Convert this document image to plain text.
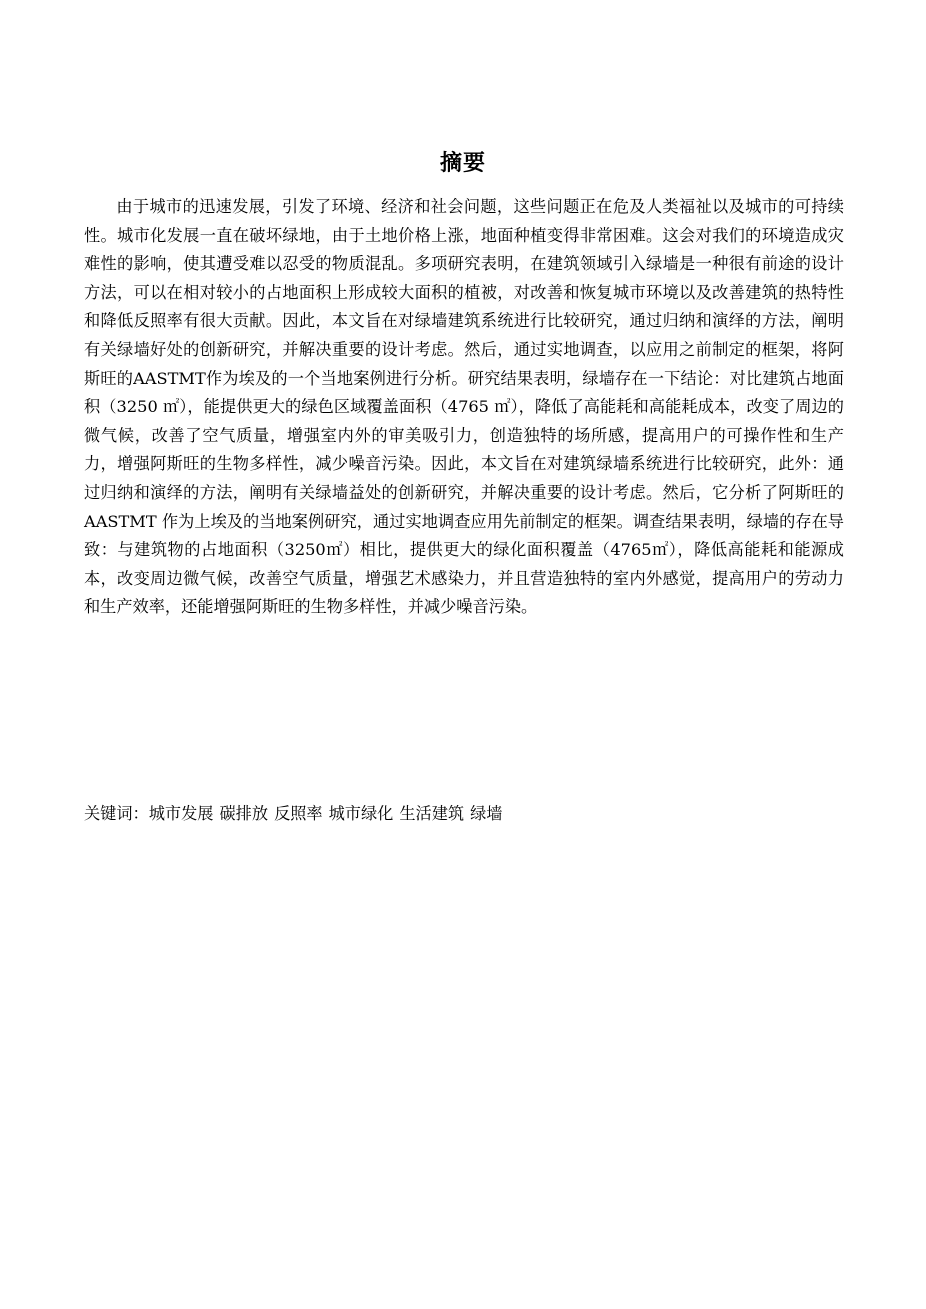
摘要

由于城市的迅速发展，引发了环境、经济和社会问题，这些问题正在危及人类福祉以及城市的可持续性。城市化发展一直在破坏绿地，由于土地价格上涨，地面种植变得非常困难。这会对我们的环境造成灾难性的影响，使其遭受难以忍受的物质混乱。多项研究表明，在建筑领域引入绿墙是一种很有前途的设计方法，可以在相对较小的占地面积上形成较大面积的植被，对改善和恢复城市环境以及改善建筑的热特性和降低反照率有很大贡献。因此，本文旨在对绿墙建筑系统进行比较研究，通过归纳和演绎的方法，阐明有关绿墙好处的创新研究，并解决重要的设计考虑。然后，通过实地调查，以应用之前制定的框架，将阿斯旺的AASTMT作为埃及的一个当地案例进行分析。研究结果表明，绿墙存在一下结论：对比建筑占地面积（3250 ㎡），能提供更大的绿色区域覆盖面积（4765 ㎡），降低了高能耗和高能耗成本，改变了周边的微气候，改善了空气质量，增强室内外的审美吸引力，创造独特的场所感，提高用户的可操作性和生产力，增强阿斯旺的生物多样性，减少噪音污染。因此，本文旨在对建筑绿墙系统进行比较研究，此外：通过归纳和演绎的方法，阐明有关绿墙益处的创新研究，并解决重要的设计考虑。然后，它分析了阿斯旺的 AASTMT 作为上埃及的当地案例研究，通过实地调查应用先前制定的框架。调查结果表明，绿墙的存在导致：与建筑物的占地面积（3250㎡）相比，提供更大的绿化面积覆盖（4765㎡），降低高能耗和能源成本，改变周边微气候，改善空气质量，增强艺术感染力，并且营造独特的室内外感觉，提高用户的劳动力和生产效率，还能增强阿斯旺的生物多样性，并减少噪音污染。

关键词：城市发展 碳排放 反照率 城市绿化 生活建筑 绿墙
